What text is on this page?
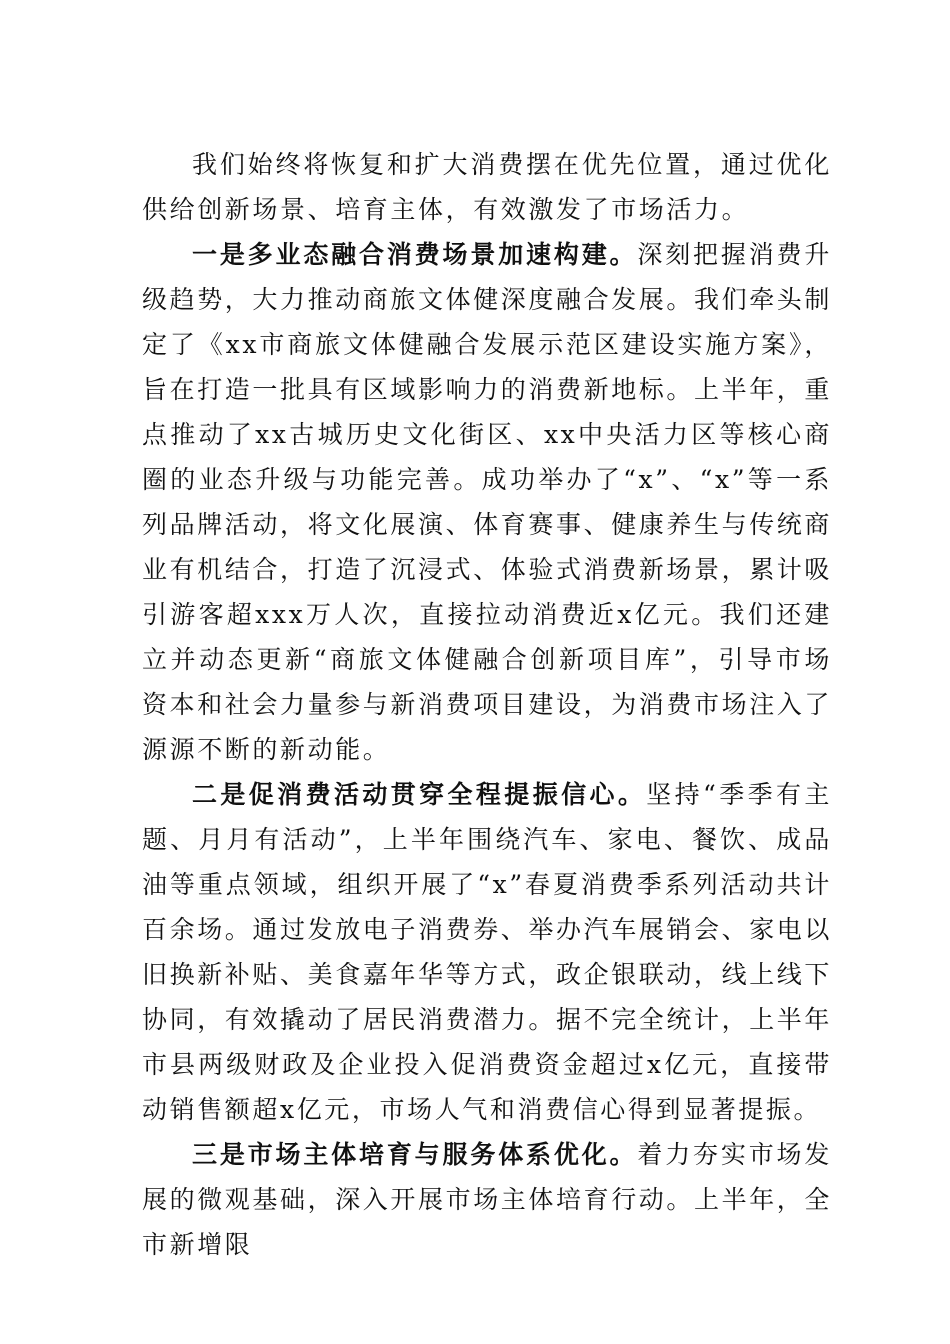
我们始终将恢复和扩大消费摆在优先位置，通过优化供给创新场景、培育主体，有效激发了市场活力。

一是多业态融合消费场景加速构建。深刻把握消费升级趋势，大力推动商旅文体健深度融合发展。我们牵头制定了《xx市商旅文体健融合发展示范区建设实施方案》，旨在打造一批具有区域影响力的消费新地标。上半年，重点推动了xx古城历史文化街区、xx中央活力区等核心商圈的业态升级与功能完善。成功举办了“x”、“x”等一系列品牌活动，将文化展演、体育赛事、健康养生与传统商业有机结合，打造了沉浸式、体验式消费新场景，累计吸引游客超xxx万人次，直接拉动消费近x亿元。我们还建立并动态更新“商旅文体健融合创新项目库”，引导市场资本和社会力量参与新消费项目建设，为消费市场注入了源源不断的新动能。

二是促消费活动贯穿全程提振信心。坚持“季季有主题、月月有活动”，上半年围绕汽车、家电、餐饮、成品油等重点领域，组织开展了“x”春夏消费季系列活动共计百余场。通过发放电子消费券、举办汽车展销会、家电以旧换新补贴、美食嘉年华等方式，政企银联动，线上线下协同，有效撬动了居民消费潜力。据不完全统计，上半年市县两级财政及企业投入促消费资金超过x亿元，直接带动销售额超x亿元，市场人气和消费信心得到显著提振。

三是市场主体培育与服务体系优化。着力夯实市场发展的微观基础，深入开展市场主体培育行动。上半年，全市新增限
